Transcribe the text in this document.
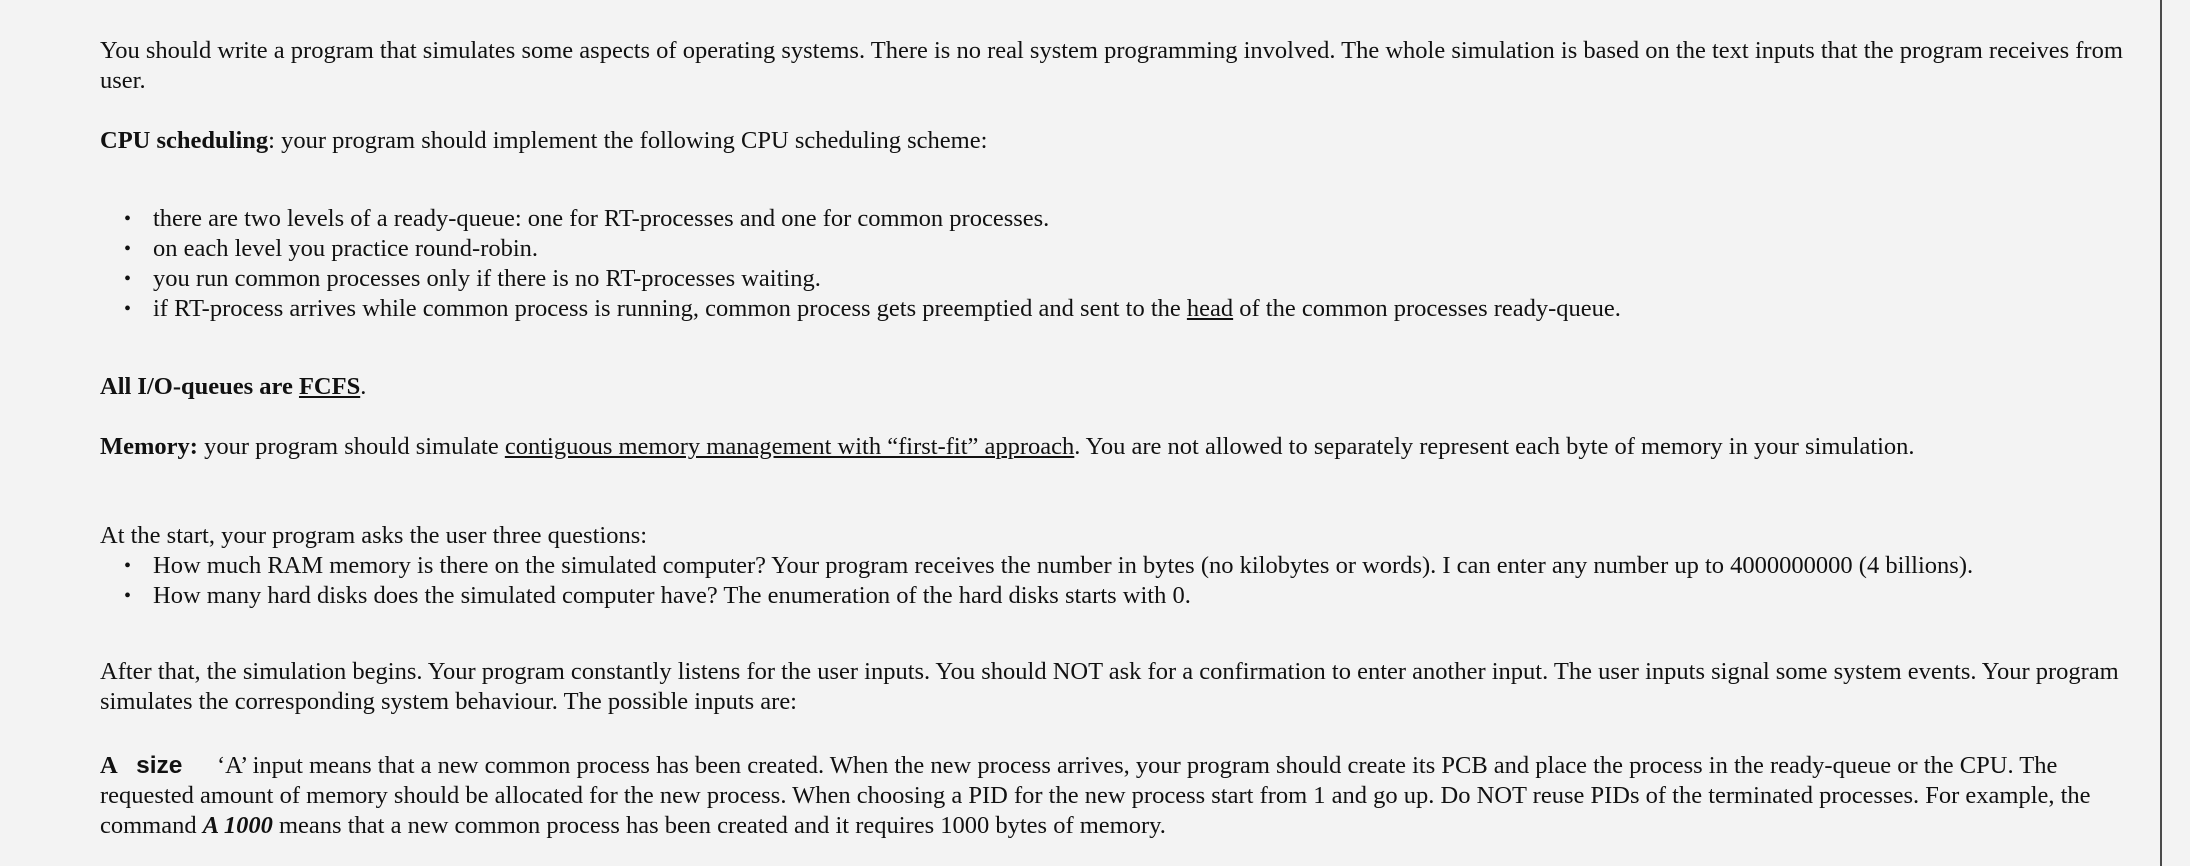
You should write a program that simulates some aspects of operating systems. There is no real system programming involved. The whole simulation is based on the text inputs that the program receives from user.

CPU scheduling: your program should implement the following CPU scheduling scheme:

• there are two levels of a ready-queue: one for RT-processes and one for common processes.
• on each level you practice round-robin.
• you run common processes only if there is no RT-processes waiting.
• if RT-process arrives while common process is running, common process gets preemptied and sent to the head of the common processes ready-queue.

All I/O-queues are FCFS.

Memory: your program should simulate contiguous memory management with “first-fit” approach. You are not allowed to separately represent each byte of memory in your simulation.

At the start, your program asks the user three questions:

• How much RAM memory is there on the simulated computer? Your program receives the number in bytes (no kilobytes or words). I can enter any number up to 4000000000 (4 billions).
• How many hard disks does the simulated computer have? The enumeration of the hard disks starts with 0.

After that, the simulation begins. Your program constantly listens for the user inputs. You should NOT ask for a confirmation to enter another input. The user inputs signal some system events. Your program simulates the corresponding system behaviour. The possible inputs are:

A size ‘A’ input means that a new common process has been created. When the new process arrives, your program should create its PCB and place the process in the ready-queue or the CPU. The requested amount of memory should be allocated for the new process. When choosing a PID for the new process start from 1 and go up. Do NOT reuse PIDs of the terminated processes. For example, the command A 1000 means that a new common process has been created and it requires 1000 bytes of memory.
